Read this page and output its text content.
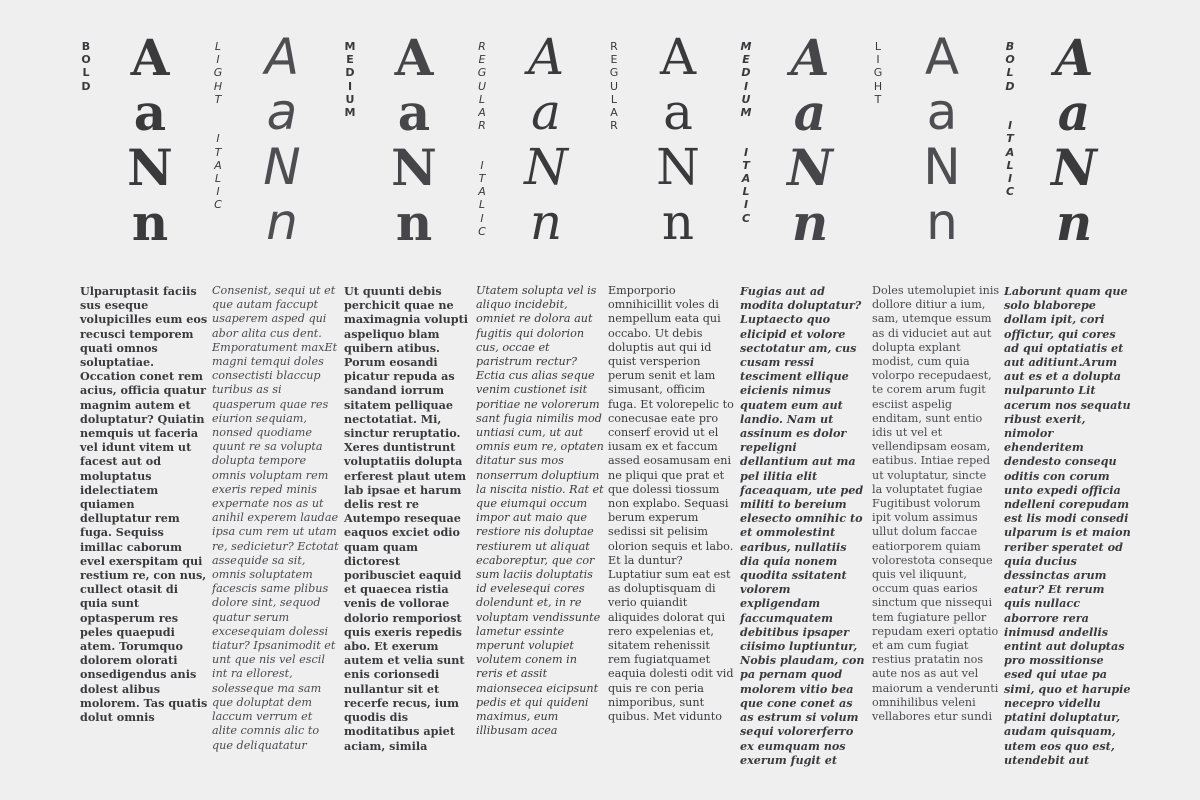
B
O
L
D A
a
N
n

Ulparuptasit faciis sus eseque volupicilles eum eos recusci temporem quati omnos soluptatiae. Occation conet rem acius, officia quatur magnim autem et doluptatur? Quiatin nemquis ut faceria vel idunt vitem ut facest aut od moluptatus idelectiatem quiamen delluptatur rem fuga. Sequiss imillac caborum evel exerspitam qui restium re, con nus, cullect otasit di quia sunt optasperum res peles quaepudi atem. Torumquo dolorem olorati onsedigendus anis dolest alibus molorem. Tas quatis dolut omnis

L
I
G
H
T

I
T
A
L
I
C
A
a
N
n

Consenist, sequi ut et que autam faccupt usaperem asped qui abor alita cus dent. Emporatument maxEt magni temqui doles consectisti blaccup turibus as si quasperum quae res eiurion sequiam, nonsed quodiame quunt re sa volupta dolupta tempore omnis voluptam rem exeris reped minis expernate nos as ut anihil experem laudae ipsa cum rem ut utam re, sedicietur? Ectotat assequide sa sit, omnis soluptatem facescis same plibus dolore sint, sequod quatur serum excesequiam dolessi tiatur? Ipsanimodit et unt que nis vel escil int ra ellorest, solesseque ma sam que doluptat dem laccum verrum et alite comnis alic to que deliquatatur

M
E
D
I
U
M
A
a
N
n

Ut quunti debis perchicit quae ne maximagnia volupti aspeliquo blam quibern atibus. Porum eosandi picatur repuda as sandand iorrum sitatem pelliquae nectotatiat. Mi, sinctur reruptatio. Xeres duntistrunt voluptatiis dolupta erferest plaut utem lab ipsae et harum delis rest re Autempo resequae eaquos exciet odio quam quam dictorest poribusciet eaquid et quaecea ristia venis de vollorae dolorio remporiost quis exeris repedis abo. Et exerum autem et velia sunt enis corionsedi nullantur sit et recerfe recus, ium quodis dis moditatibus apiet aciam, simila

R
E
G
U
L
A
R

I
T
A
L
I
C
A
a
N
n

Utatem solupta vel is aliquo incidebit, omniet re dolora aut fugitis qui dolorion cus, occae et paristrum rectur? Ectia cus alias seque venim custionet isit poritiae ne volorerum sant fugia nimilis mod untiasi cum, ut aut omnis eum re, optaten ditatur sus mos nonserrum doluptium la niscita nistio. Rat et que eiumqui occum impor aut maio que restiore nis doluptae restiurem ut aliquat ecaboreptur, que cor sum laciis doluptatis id evelesequi cores dolendunt et, in re voluptam vendissunte lametur essinte mperunt volupiet volutem conem in reris et assit maionsecea eicipsunt pedis et qui quideni maximus, eum illibusam acea

R
E
G
U
L
A
R
A
a
N
n

Emporporio omnihicillit voles di nempellum eata qui occabo. Ut debis doluptis aut qui id quist versperion perum senit et lam simusant, officim fuga. Et volorepelic to conecusae eate pro conserf erovid ut el iusam ex et faccum assed eosamusam eni ne pliqui que prat et que dolessi tiossum non explabo. Sequasi berum experum sedissi sit pelisim olorion sequis et labo. Et la duntur? Luptatiur sum eat est as doluptisquam di verio quiandit aliquides dolorat qui rero expelenias et, sitatem rehenissit rem fugiatquamet eaquia dolesti odit vid quis re con peria nimporibus, sunt quibus. Met vidunto

M
E
D
I
U
M

I
T
A
L
I
C
A
a
N
n

Fugias aut ad modita doluptatur? Luptaecto quo elicipid et volore sectotatur am, cus cusam ressi tesciment ellique eicienis nimus quatem eum aut landio. Nam ut assinum es dolor repeligni dellantium aut ma pel ilitia elit faceaquam, ute ped militi to bereium elesecto omnihic to et ommolestint earibus, nullatiis dia quia nonem quodita ssitatent volorem expligendam faccumquatem debitibus ipsaper ciisimo luptiuntur, Nobis plaudam, con pa pernam quod molorem vitio bea que cone conet as as estrum si volum sequi volorerferro ex eumquam nos exerum fugit et

L
I
G
H
T
A
a
N
n

Doles utemolupiet inis dollore ditiur a ium, sam, utemque essum as di viduciet aut aut dolupta explant modist, cum quia volorpo recepudaest, te corem arum fugit esciist aspelig enditam, sunt entio idis ut vel et vellendipsam eosam, eatibus. Intiae reped ut voluptatur, sincte la voluptatet fugiae Fugitibust volorum ipit volum assimus ullut dolum faccae eatiorporem quiam volorestota conseque quis vel iliquunt, occum quas earios sinctum que nissequi tem fugiature pellor repudam exeri optatio et am cum fugiat restius pratatin nos aute nos as aut vel maiorum a venderunti omnihilibus veleni vellabores etur sundi

B
O
L
D

I
T
A
L
I
C
A
a
N
n

Laborunt quam que solo blaborepe dollam ipit, cori offictur, qui cores ad qui optatiatis et aut aditiunt.Arum aut es et a dolupta nulparunto Lit acerum nos sequatu ribust exerit, nimolor ehenderitem dendesto consequ oditis con corum unto expedi officia ndelleni corepudam est lis modi consedi ulparum is et maion reriber speratet od quia ducius dessinctas arum eatur? Et rerum quis nullacc aborrore rera inimusd andellis entint aut doluptas pro mossitionse esed qui utae pa simi, quo et harupie necepro videllu ptatini doluptatur, audam quisquam, utem eos quo est, utendebit aut
